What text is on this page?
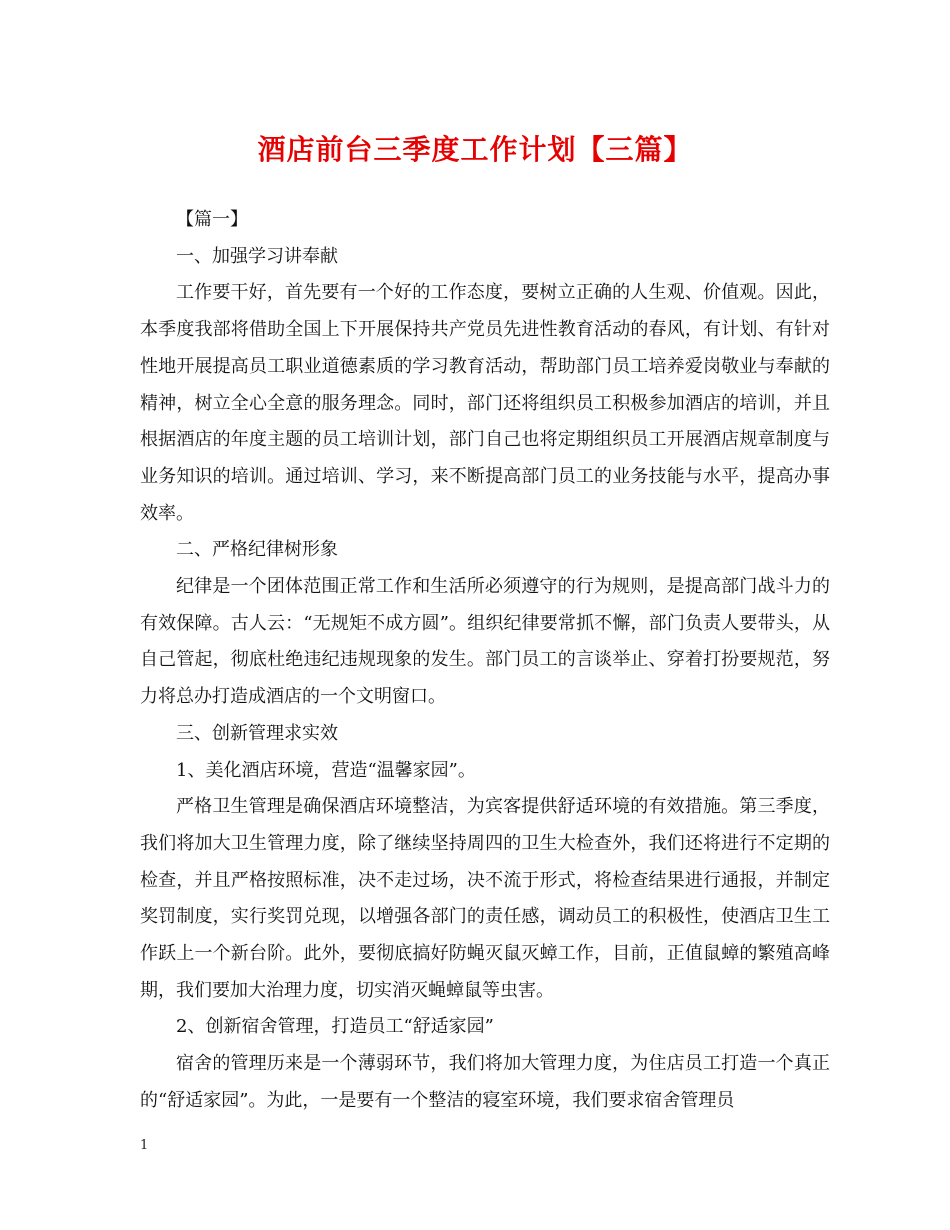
酒店前台三季度工作计划【三篇】

【篇一】

一、加强学习讲奉献

工作要干好，首先要有一个好的工作态度，要树立正确的人生观、价值观。因此，本季度我部将借助全国上下开展保持共产党员先进性教育活动的春风，有计划、有针对性地开展提高员工职业道德素质的学习教育活动，帮助部门员工培养爱岗敬业与奉献的精神，树立全心全意的服务理念。同时，部门还将组织员工积极参加酒店的培训，并且根据酒店的年度主题的员工培训计划，部门自己也将定期组织员工开展酒店规章制度与业务知识的培训。通过培训、学习，来不断提高部门员工的业务技能与水平，提高办事效率。

二、严格纪律树形象

纪律是一个团体范围正常工作和生活所必须遵守的行为规则，是提高部门战斗力的有效保障。古人云：“无规矩不成方圆”。组织纪律要常抓不懈，部门负责人要带头，从自己管起，彻底杜绝违纪违规现象的发生。部门员工的言谈举止、穿着打扮要规范，努力将总办打造成酒店的一个文明窗口。

三、创新管理求实效

1、美化酒店环境，营造“温馨家园”。

严格卫生管理是确保酒店环境整洁，为宾客提供舒适环境的有效措施。第三季度，我们将加大卫生管理力度，除了继续坚持周四的卫生大检查外，我们还将进行不定期的检查，并且严格按照标准，决不走过场，决不流于形式，将检查结果进行通报，并制定奖罚制度，实行奖罚兑现，以增强各部门的责任感，调动员工的积极性，使酒店卫生工作跃上一个新台阶。此外，要彻底搞好防蝇灭鼠灭蟑工作，目前，正值鼠蟑的繁殖高峰期，我们要加大治理力度，切实消灭蝇蟑鼠等虫害。

2、创新宿舍管理，打造员工“舒适家园”

宿舍的管理历来是一个薄弱环节，我们将加大管理力度，为住店员工打造一个真正的“舒适家园”。为此，一是要有一个整洁的寝室环境，我们要求宿舍管理员

1
